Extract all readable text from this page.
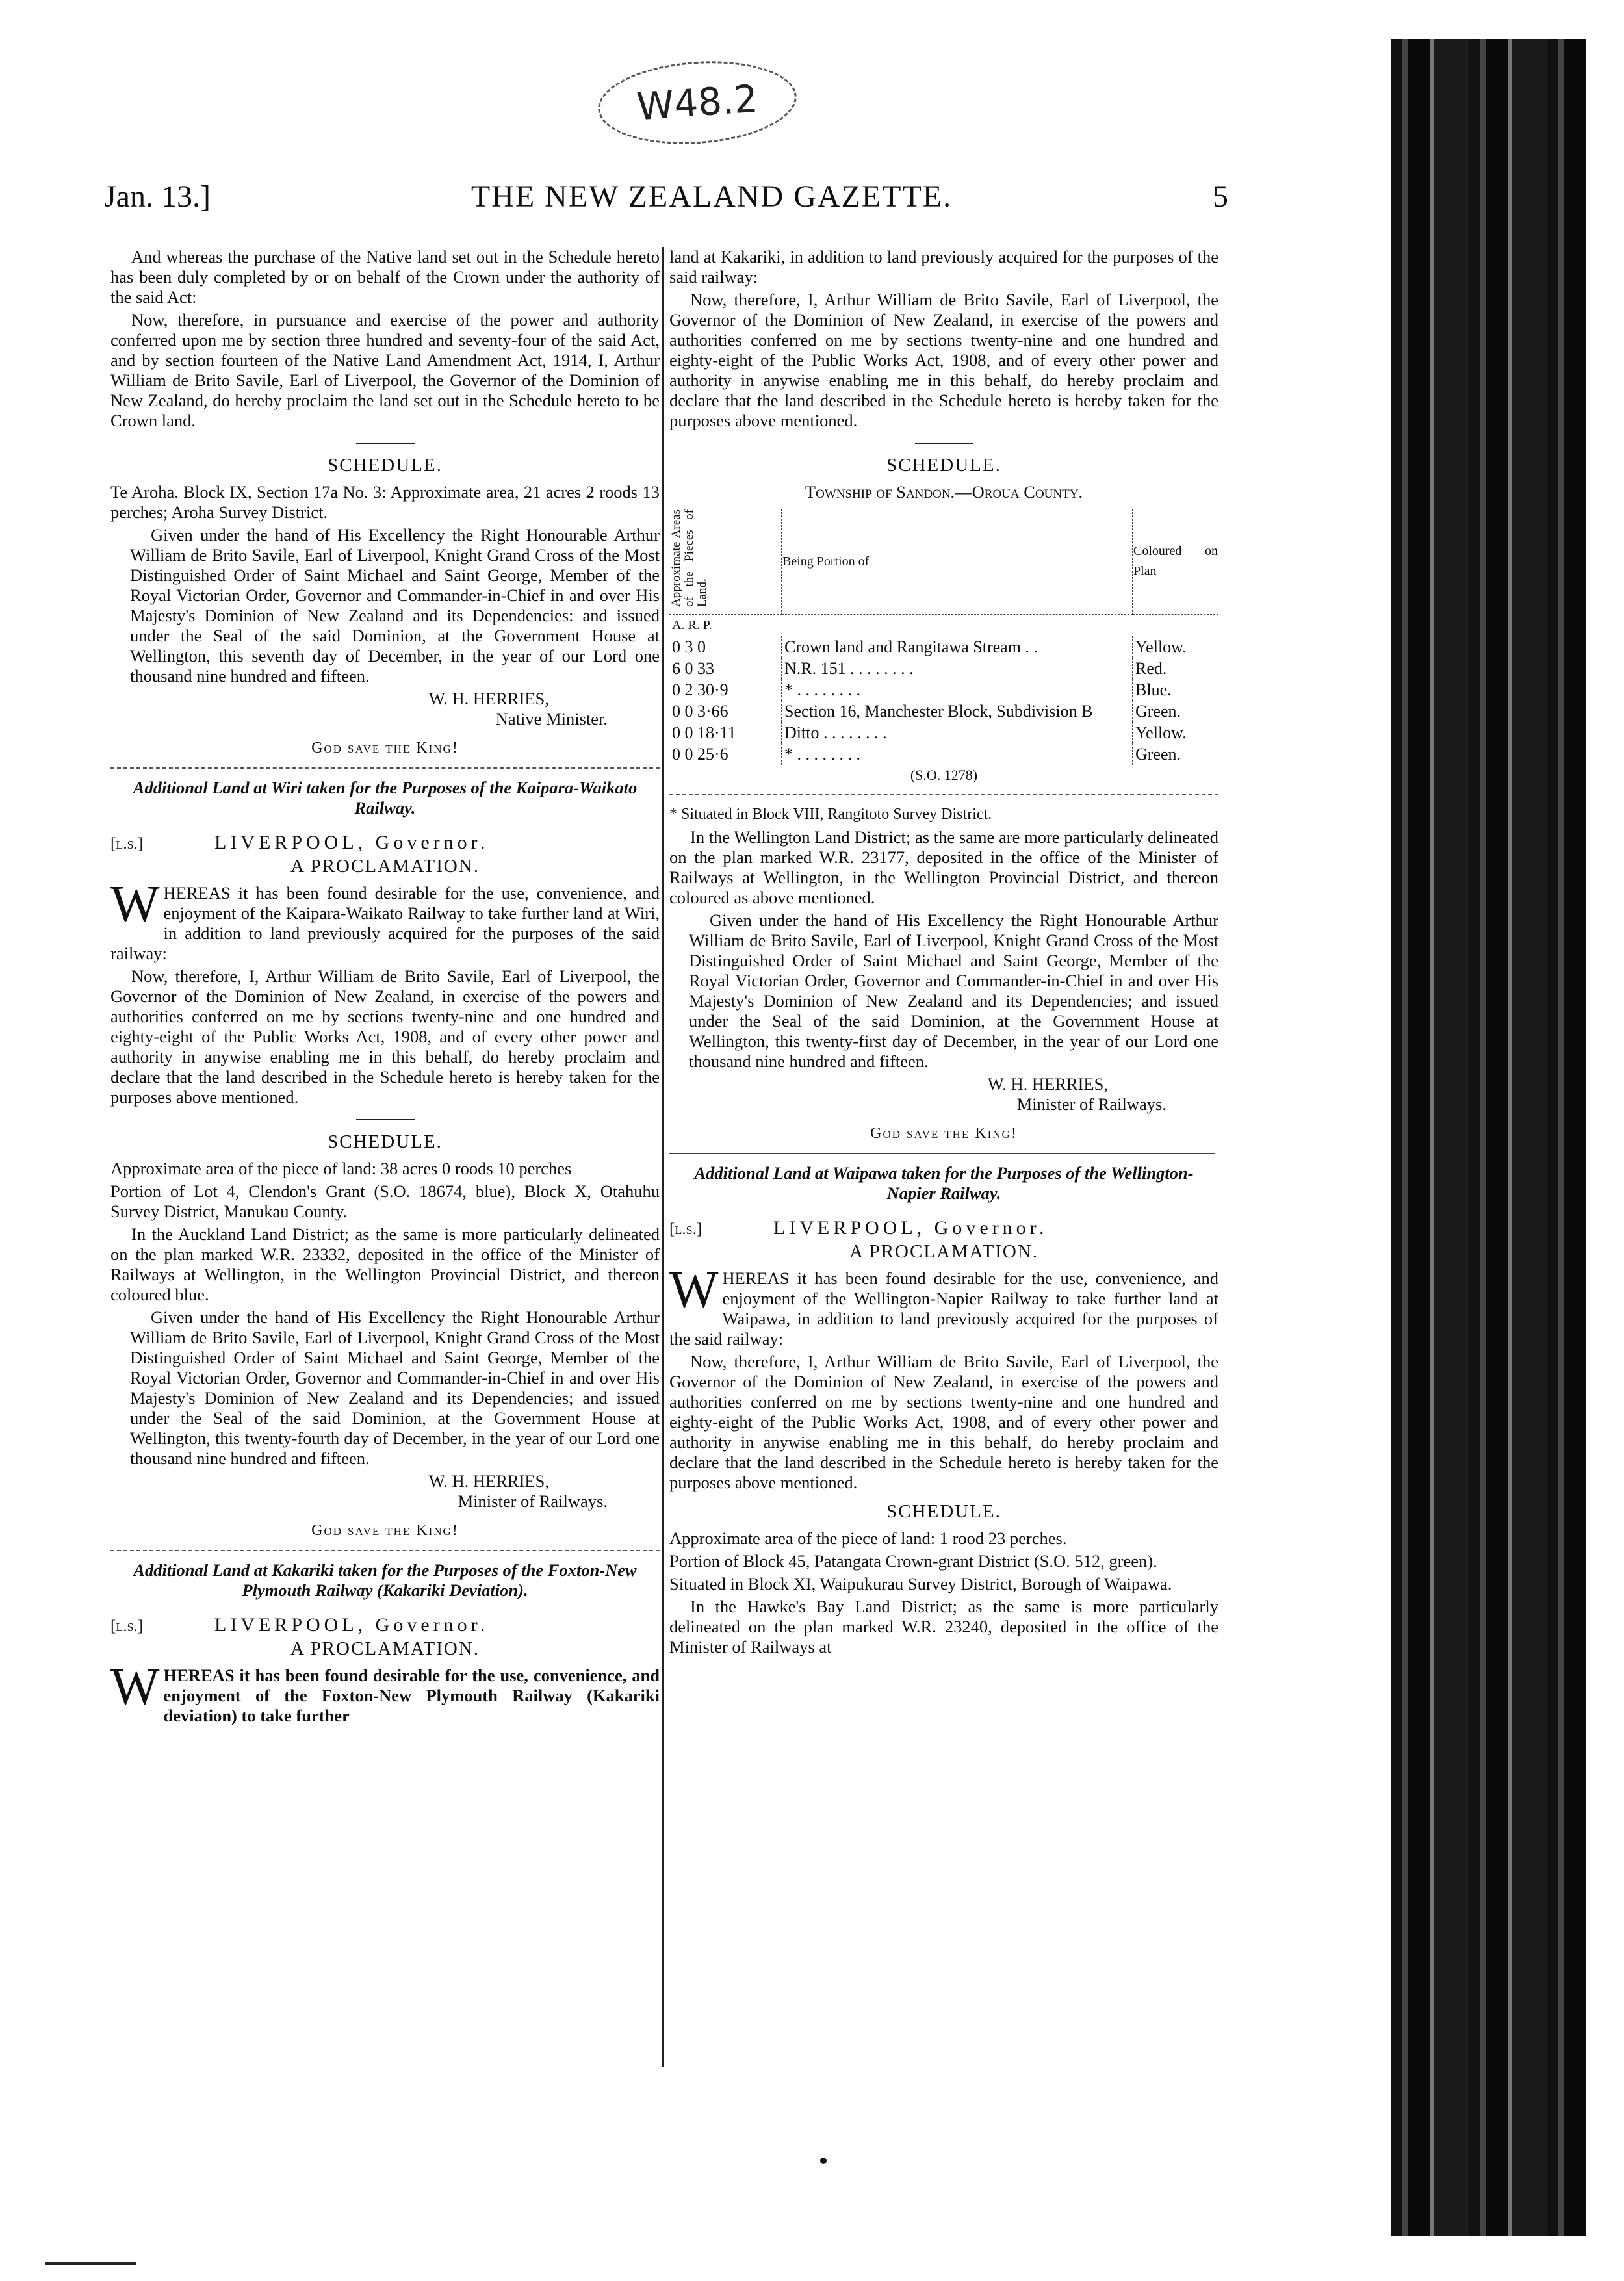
W48.2
Jan. 13.]	THE NEW ZEALAND GAZETTE.	5

And whereas the purchase of the Native land set out in the Schedule hereto has been duly completed by or on behalf of the Crown under the authority of the said Act:

Now, therefore, in pursuance and exercise of the power and authority conferred upon me by section three hundred and seventy-four of the said Act, and by section fourteen of the Native Land Amendment Act, 1914, I, Arthur William de Brito Savile, Earl of Liverpool, the Governor of the Dominion of New Zealand, do hereby proclaim the land set out in the Schedule hereto to be Crown land.

SCHEDULE.

Te Aroha. Block IX, Section 17a No. 3: Approximate area, 21 acres 2 roods 13 perches; Aroha Survey District.

Given under the hand of His Excellency the Right Honourable Arthur William de Brito Savile, Earl of Liverpool, Knight Grand Cross of the Most Distinguished Order of Saint Michael and Saint George, Member of the Royal Victorian Order, Governor and Commander-in-Chief in and over His Majesty's Dominion of New Zealand and its Dependencies: and issued under the Seal of the said Dominion, at the Government House at Wellington, this seventh day of December, in the year of our Lord one thousand nine hundred and fifteen.

W. H. HERRIES,
Native Minister.
God save the King!
Additional Land at Wiri taken for the Purposes of the Kaipara-Waikato Railway.
[l.s.]	LIVERPOOL, Governor.
A PROCLAMATION.

WHEREAS it has been found desirable for the use, convenience, and enjoyment of the Kaipara-Waikato Railway to take further land at Wiri, in addition to land previously acquired for the purposes of the said railway:

Now, therefore, I, Arthur William de Brito Savile, Earl of Liverpool, the Governor of the Dominion of New Zealand, in exercise of the powers and authorities conferred on me by sections twenty-nine and one hundred and eighty-eight of the Public Works Act, 1908, and of every other power and authority in anywise enabling me in this behalf, do hereby proclaim and declare that the land described in the Schedule hereto is hereby taken for the purposes above mentioned.

SCHEDULE.

Approximate area of the piece of land: 38 acres 0 roods 10 perches

Portion of Lot 4, Clendon's Grant (S.O. 18674, blue), Block X, Otahuhu Survey District, Manukau County.

In the Auckland Land District; as the same is more particularly delineated on the plan marked W.R. 23332, deposited in the office of the Minister of Railways at Wellington, in the Wellington Provincial District, and thereon coloured blue.

Given under the hand of His Excellency the Right Honourable Arthur William de Brito Savile, Earl of Liverpool, Knight Grand Cross of the Most Distinguished Order of Saint Michael and Saint George, Member of the Royal Victorian Order, Governor and Commander-in-Chief in and over His Majesty's Dominion of New Zealand and its Dependencies; and issued under the Seal of the said Dominion, at the Government House at Wellington, this twenty-fourth day of December, in the year of our Lord one thousand nine hundred and fifteen.

W. H. HERRIES,
Minister of Railways.
God save the King!
Additional Land at Kakariki taken for the Purposes of the Foxton-New Plymouth Railway (Kakariki Deviation).
[l.s.]	LIVERPOOL, Governor.
A PROCLAMATION.

WHEREAS it has been found desirable for the use, convenience, and enjoyment of the Foxton-New Plymouth Railway (Kakariki deviation) to take further

land at Kakariki, in addition to land previously acquired for the purposes of the said railway:

Now, therefore, I, Arthur William de Brito Savile, Earl of Liverpool, the Governor of the Dominion of New Zealand, in exercise of the powers and authorities conferred on me by sections twenty-nine and one hundred and eighty-eight of the Public Works Act, 1908, and of every other power and authority in anywise enabling me in this behalf, do hereby proclaim and declare that the land described in the Schedule hereto is hereby taken for the purposes above mentioned.

SCHEDULE.
Township of Sandon.—Oroua County.
Approximate Areas of the Pieces of Land.	Being Portion of	Coloured on Plan
A. R. P.		
0 3 0	Crown land and Rangitawa Stream . .	Yellow.
6 0 33	N.R. 151 . . . . . . . .	Red.
0 2 30·9	* . . . . . . . .	Blue.
0 0 3·66	Section 16, Manchester Block, Subdivision B	Green.
0 0 18·11	Ditto . . . . . . . .	Yellow.
0 0 25·6	* . . . . . . . .	Green.
(S.O. 1278)

* Situated in Block VIII, Rangitoto Survey District.

In the Wellington Land District; as the same are more particularly delineated on the plan marked W.R. 23177, deposited in the office of the Minister of Railways at Wellington, in the Wellington Provincial District, and thereon coloured as above mentioned.

Given under the hand of His Excellency the Right Honourable Arthur William de Brito Savile, Earl of Liverpool, Knight Grand Cross of the Most Distinguished Order of Saint Michael and Saint George, Member of the Royal Victorian Order, Governor and Commander-in-Chief in and over His Majesty's Dominion of New Zealand and its Dependencies; and issued under the Seal of the said Dominion, at the Government House at Wellington, this twenty-first day of December, in the year of our Lord one thousand nine hundred and fifteen.

W. H. HERRIES,
Minister of Railways.
God save the King!
Additional Land at Waipawa taken for the Purposes of the Wellington-Napier Railway.
[l.s.]	LIVERPOOL, Governor.
A PROCLAMATION.

WHEREAS it has been found desirable for the use, convenience, and enjoyment of the Wellington-Napier Railway to take further land at Waipawa, in addition to land previously acquired for the purposes of the said railway:

Now, therefore, I, Arthur William de Brito Savile, Earl of Liverpool, the Governor of the Dominion of New Zealand, in exercise of the powers and authorities conferred on me by sections twenty-nine and one hundred and eighty-eight of the Public Works Act, 1908, and of every other power and authority in anywise enabling me in this behalf, do hereby proclaim and declare that the land described in the Schedule hereto is hereby taken for the purposes above mentioned.

SCHEDULE.

Approximate area of the piece of land: 1 rood 23 perches.

Portion of Block 45, Patangata Crown-grant District (S.O. 512, green).

Situated in Block XI, Waipukurau Survey District, Borough of Waipawa.

In the Hawke's Bay Land District; as the same is more particularly delineated on the plan marked W.R. 23240, deposited in the office of the Minister of Railways at
